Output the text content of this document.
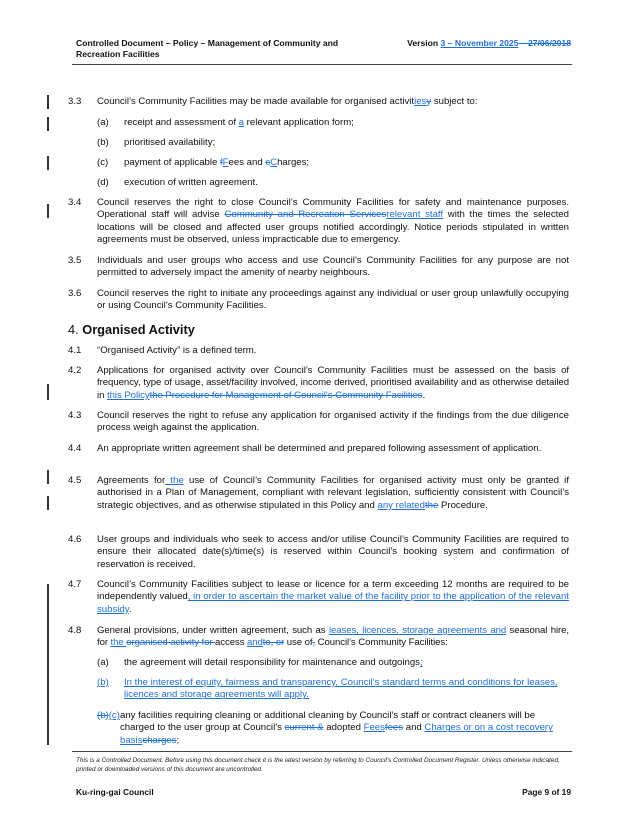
Controlled Document – Policy – Management of Community and Recreation Facilities
Version 3 – November 2025 – 27/06/2018
3.3 Council’s Community Facilities may be made available for organised activitiesy subject to:
(a) receipt and assessment of a relevant application form;
(b) prioritised availability;
(c) payment of applicable fFees and cCharges;
(d) execution of written agreement.
3.4 Council reserves the right to close Council’s Community Facilities for safety and maintenance purposes. Operational staff will advise Community and Recreation Servicesrelevant staff with the times the selected locations will be closed and affected user groups notified accordingly. Notice periods stipulated in written agreements must be observed, unless impracticable due to emergency.
3.5 Individuals and user groups who access and use Council’s Community Facilities for any purpose are not permitted to adversely impact the amenity of nearby neighbours.
3.6 Council reserves the right to initiate any proceedings against any individual or user group unlawfully occupying or using Council’s Community Facilities.
4. Organised Activity
4.1 “Organised Activity” is a defined term.
4.2 Applications for organised activity over Council’s Community Facilities must be assessed on the basis of frequency, type of usage, asset/facility involved, income derived, prioritised availability and as otherwise detailed in this Policythe Procedure for Management of Council’s Community Facilities.
4.3 Council reserves the right to refuse any application for organised activity if the findings from the due diligence process weigh against the application.
4.4 An appropriate written agreement shall be determined and prepared following assessment of application.
4.5 Agreements for the use of Council’s Community Facilities for organised activity must only be granted if authorised in a Plan of Management, compliant with relevant legislation, sufficiently consistent with Council’s strategic objectives, and as otherwise stipulated in this Policy and any relatedthe Procedure.
4.6 User groups and individuals who seek to access and/or utilise Council’s Community Facilities are required to ensure their allocated date(s)/time(s) is reserved within Council’s booking system and confirmation of reservation is received.
4.7 Council’s Community Facilities subject to lease or licence for a term exceeding 12 months are required to be independently valued, in order to ascertain the market value of the facility prior to the application of the relevant subsidy.
4.8 General provisions, under written agreement, such as leases, licences, storage agreements and seasonal hire, for the organised activity for access andto, or use of, Council’s Community Facilities:
(a) the agreement will detail responsibility for maintenance and outgoings;
(b) In the interest of equity, fairness and transparency, Council’s standard terms and conditions for leases, licences and storage agreements will apply.
(b)(c) any facilities requiring cleaning or additional cleaning by Council’s staff or contract cleaners will be charged to the user group at Council’s current & adopted Feesfees and Charges or on a cost recovery basischarges;
This is a Controlled Document. Before using this document check it is the latest version by referring to Council’s Controlled Document Register. Unless otherwise indicated, printed or downloaded versions of this document are uncontrolled.
Ku-ring-gai Council	Page 9 of 19
